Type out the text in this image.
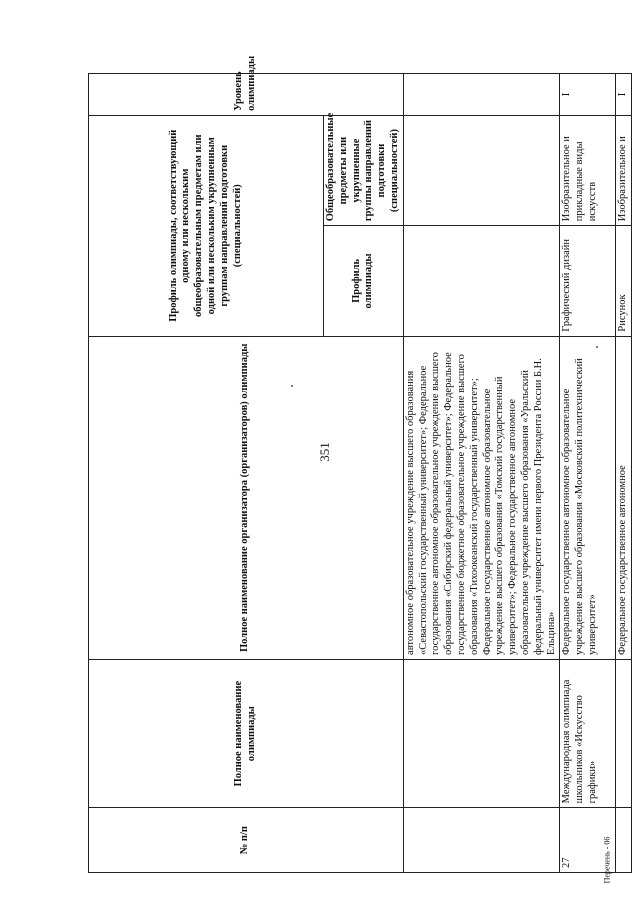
351
№ п/п	Полное наименование олимпиады	Полное наименование организатора (организаторов) олимпиады	Профиль олимпиады, соответствующий одному или нескольким общеобразовательным предметам или одной или нескольким укрупненным группам направлений подготовки (специальностей)		Уровень олимпиады
			Профиль олимпиады	Общеобразовательные предметы или укрупненные группы направлений подготовки (специальностей)	
		автономное образовательное учреждение высшего образования «Севастопольский государственный университет»; Федеральное государственное автономное образовательное учреждение высшего образования «Сибирский федеральный университет»; Федеральное государственное бюджетное образовательное учреждение высшего образования «Тихоокеанский государственный университет»; Федеральное государственное автономное образовательное учреждение высшего образования «Томский государственный университет»; Федеральное государственное автономное образовательное учреждение высшего образования «Уральский федеральный университет имени первого Президента России Б.Н. Ельцина»			
27	Международная олимпиада школьников «Искусство графики»	Федеральное государственное автономное образовательное учреждение высшего образования «Московский политехнический университет»	Графический дизайн	Изобразительное и прикладные виды искусств	I
		Федеральное государственное автономное	Рисунок	Изобразительное и	I
Перечень - 06
